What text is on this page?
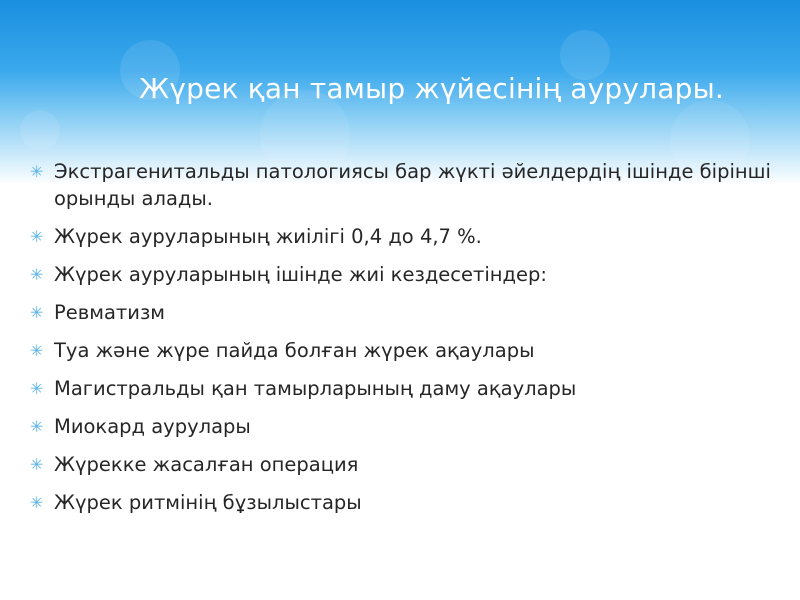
Жүрек қан тамыр жүйесінің аурулары.
✳ Экстрагенитальды патологиясы бар жүкті әйелдердің ішінде бірінші орынды алады.
✳ Жүрек ауруларының жиілігі 0,4 до 4,7 %.
✳ Жүрек ауруларының ішінде жиі кездесетіндер:
✳ Ревматизм
✳ Туа және жүре пайда болған жүрек ақаулары
✳ Магистральды қан тамырларының даму ақаулары
✳ Миокард аурулары
✳ Жүрекке жасалған операция
✳ Жүрек ритмінің бұзылыстары
